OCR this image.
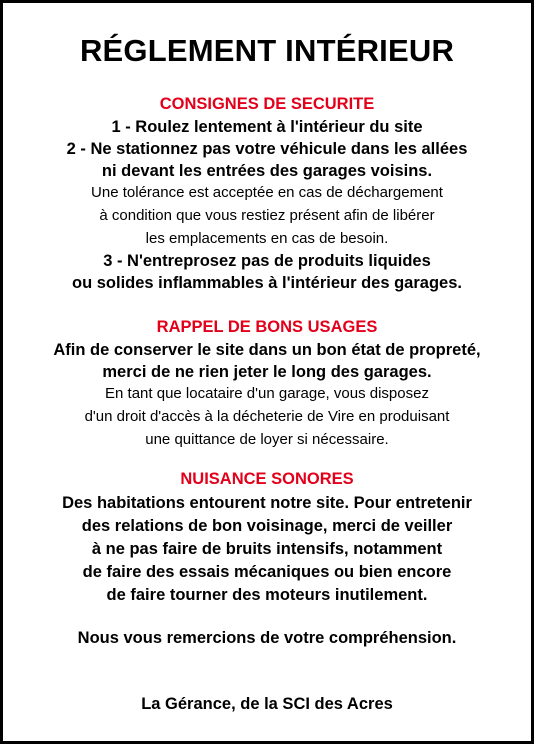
RÉGLEMENT INTÉRIEUR

CONSIGNES DE SECURITE

1 - Roulez lentement à l'intérieur du site

2 - Ne stationnez pas votre véhicule dans les allées

ni devant les entrées des garages voisins.

Une tolérance est acceptée en cas de déchargement

à condition que vous restiez présent afin de libérer

les emplacements en cas de besoin.

3 - N'entreprosez pas de produits liquides

ou solides inflammables à l'intérieur des garages.

RAPPEL DE BONS USAGES

Afin de conserver le site dans un bon état de propreté,

merci de ne rien jeter le long des garages.

En tant que locataire d'un garage, vous disposez

d'un droit d'accès à la décheterie de Vire en produisant

une quittance de loyer si nécessaire.

NUISANCE SONORES

Des habitations entourent notre site. Pour entretenir

des relations de bon voisinage, merci de veiller

à ne pas faire de bruits intensifs, notamment

de faire des essais mécaniques ou bien encore

de faire tourner des moteurs inutilement.

Nous vous remercions de votre compréhension.

La Gérance, de la SCI des Acres
